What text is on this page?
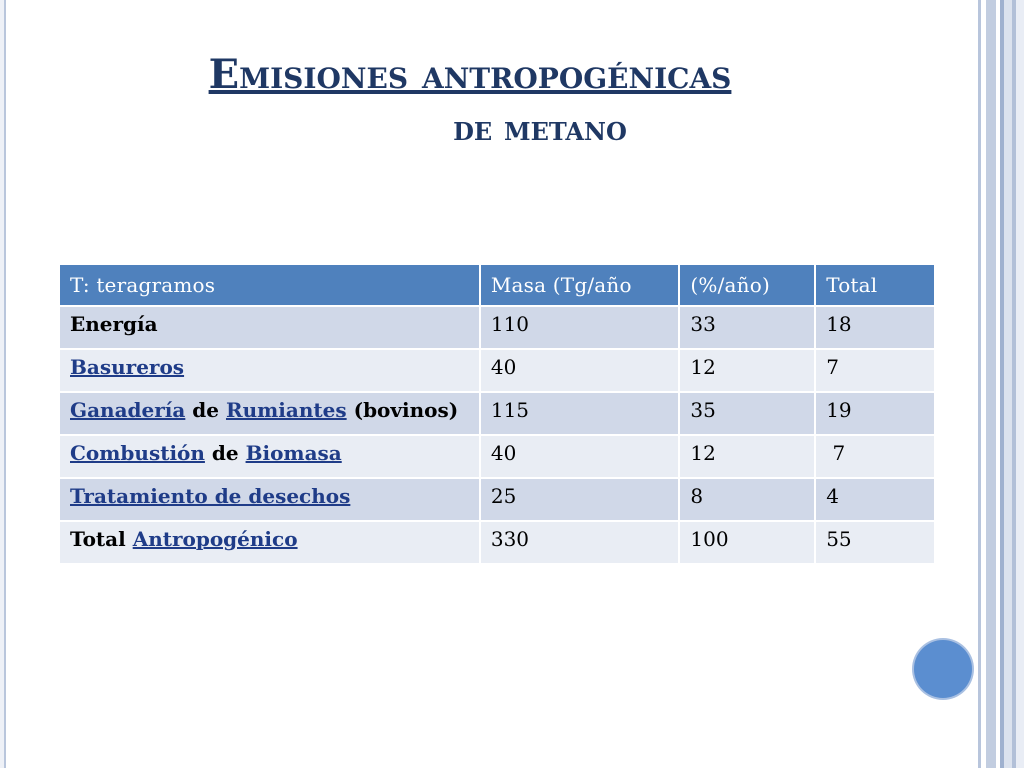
Emisiones antropogénicas
de metano
T: teragramos	Masa (Tg/año	(%/año)	Total
Energía	110	33	18
Basureros	40	12	7
Ganadería de Rumiantes (bovinos)	115	35	19
Combustión de Biomasa	40	12	7
Tratamiento de desechos	25	8	4
Total Antropogénico	330	100	55
